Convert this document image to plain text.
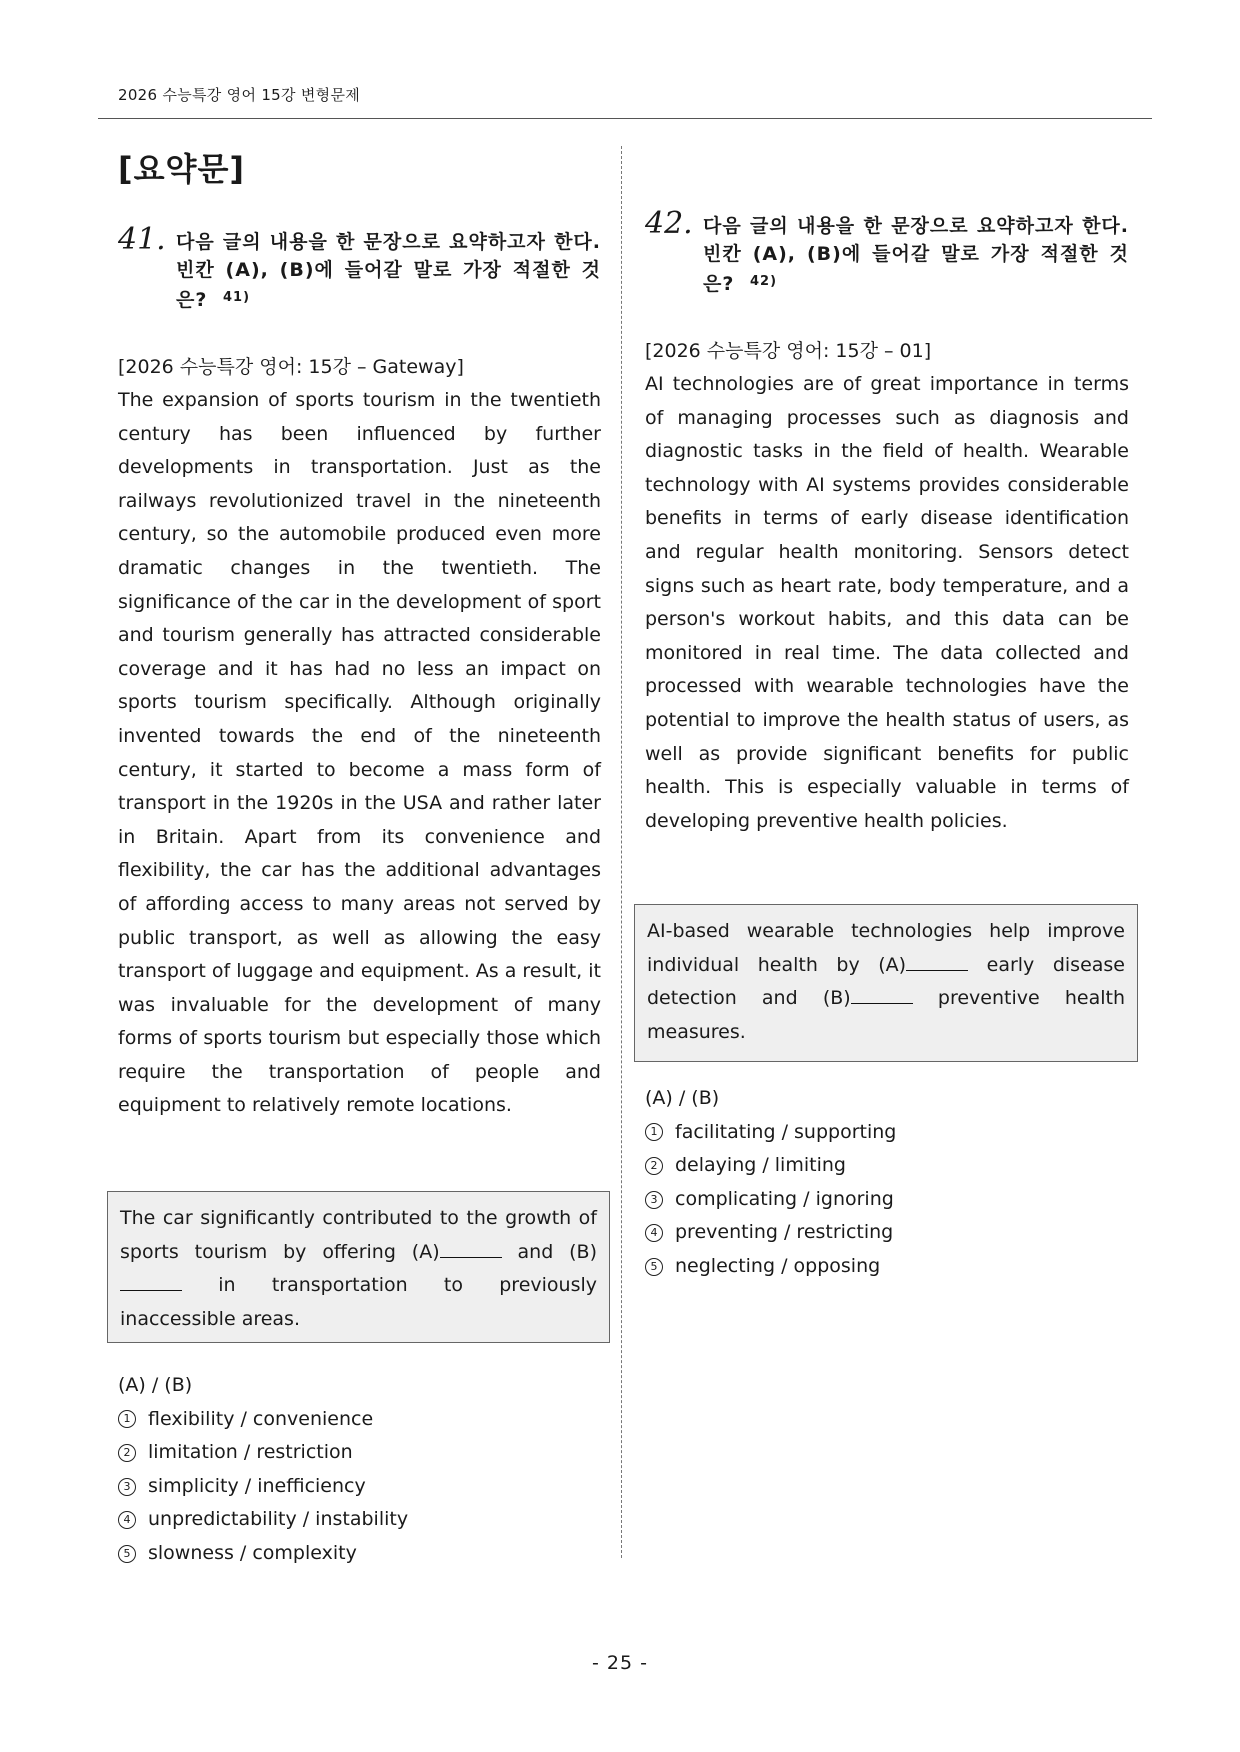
2026 수능특강 영어 15강 변형문제
[요약문]
41. 다음 글의 내용을 한 문장으로 요약하고자 한다. 빈칸 (A), (B)에 들어갈 말로 가장 적절한 것은? $^{41)}$
[2026 수능특강 영어: 15강 – Gateway]
The expansion of sports tourism in the twentieth century has been influenced by further developments in transportation. Just as the railways revolutionized travel in the nineteenth century, so the automobile produced even more dramatic changes in the twentieth. The significance of the car in the development of sport and tourism generally has attracted considerable coverage and it has had no less an impact on sports tourism specifically. Although originally invented towards the end of the nineteenth century, it started to become a mass form of transport in the 1920s in the USA and rather later in Britain. Apart from its convenience and flexibility, the car has the additional advantages of affording access to many areas not served by public transport, as well as allowing the easy transport of luggage and equipment. As a result, it was invaluable for the development of many forms of sports tourism but especially those which require the transportation of people and equipment to relatively remote locations.
The car significantly contributed to the growth of sports tourism by offering (A)	and (B) in transportation to previously inaccessible areas.
(A) / (B)
1 flexibility / convenience
2 limitation / restriction
3 simplicity / inefficiency
4 unpredictability / instability
5 slowness / complexity
42. 다음 글의 내용을 한 문장으로 요약하고자 한다. 빈칸 (A), (B)에 들어갈 말로 가장 적절한 것은? $^{42)}$
[2026 수능특강 영어: 15강 – 01]
AI technologies are of great importance in terms of managing processes such as diagnosis and diagnostic tasks in the field of health. Wearable technology with AI systems provides considerable benefits in terms of early disease identification and regular health monitoring. Sensors detect signs such as heart rate, body temperature, and a person's workout habits, and this data can be monitored in real time. The data collected and processed with wearable technologies have the potential to improve the health status of users, as well as provide significant benefits for public health. This is especially valuable in terms of developing preventive health policies.
AI-based wearable technologies help improve individual health by (A)	early disease detection and (B)	preventive health measures.
(A) / (B)
1 facilitating / supporting
2 delaying / limiting
3 complicating / ignoring
4 preventing / restricting
5 neglecting / opposing
- 25 -
